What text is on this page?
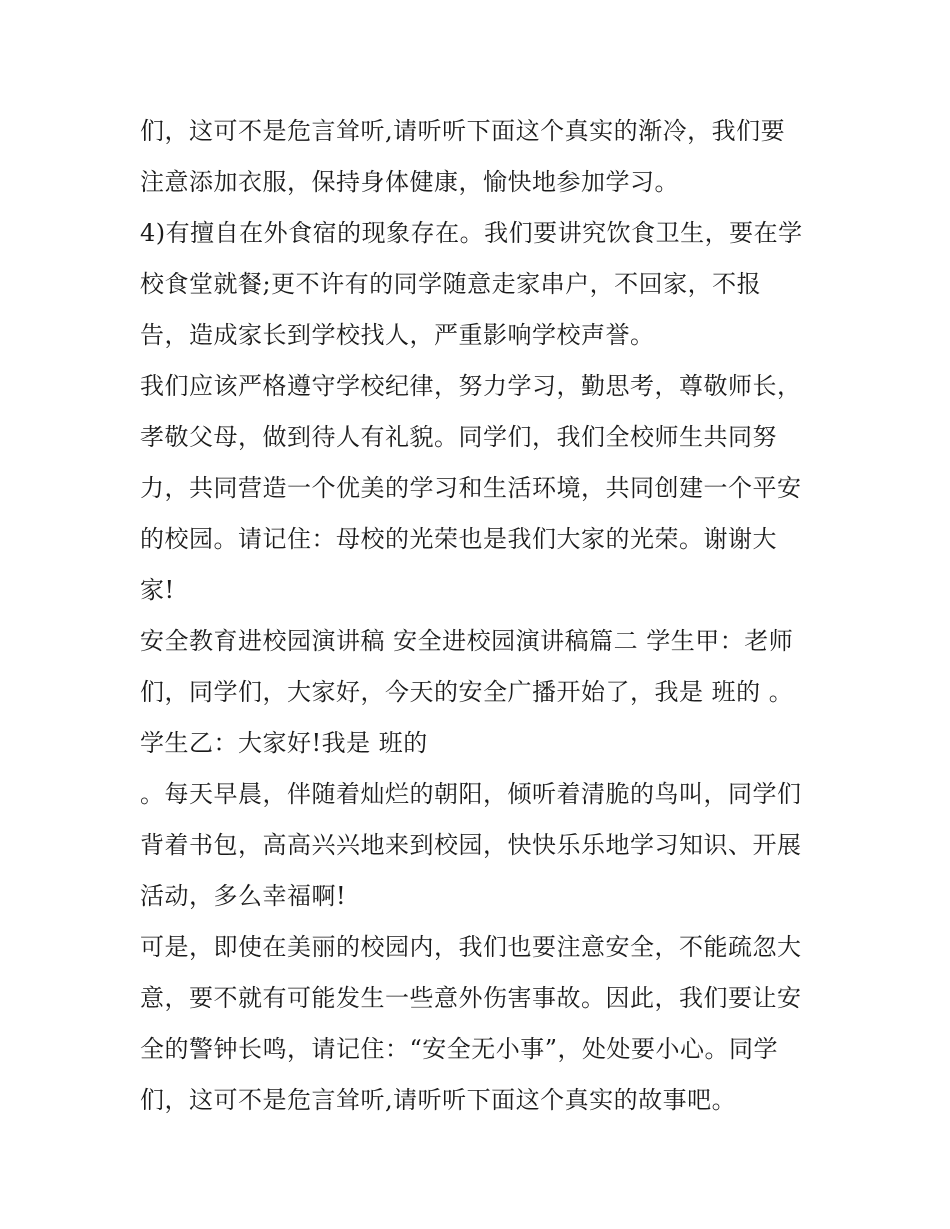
们，这可不是危言耸听,请听听下面这个真实的渐冷，我们要
注意添加衣服，保持身体健康，愉快地参加学习。
4)有擅自在外食宿的现象存在。我们要讲究饮食卫生，要在学
校食堂就餐;更不许有的同学随意走家串户，不回家，不报
告，造成家长到学校找人，严重影响学校声誉。
我们应该严格遵守学校纪律，努力学习，勤思考，尊敬师长，
孝敬父母，做到待人有礼貌。同学们，我们全校师生共同努
力，共同营造一个优美的学习和生活环境，共同创建一个平安
的校园。请记住：母校的光荣也是我们大家的光荣。谢谢大
家!
安全教育进校园演讲稿 安全进校园演讲稿篇二 学生甲：老师
们，同学们，大家好，今天的安全广播开始了，我是 班的 。
学生乙：大家好!我是 班的
。每天早晨，伴随着灿烂的朝阳，倾听着清脆的鸟叫，同学们
背着书包，高高兴兴地来到校园，快快乐乐地学习知识、开展
活动，多么幸福啊!
可是，即使在美丽的校园内，我们也要注意安全，不能疏忽大
意，要不就有可能发生一些意外伤害事故。因此，我们要让安
全的警钟长鸣，请记住：“安全无小事”，处处要小心。同学
们，这可不是危言耸听,请听听下面这个真实的故事吧。
